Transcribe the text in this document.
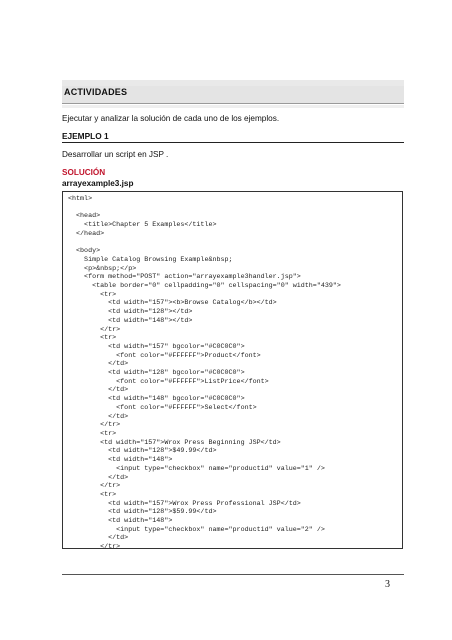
ACTIVIDADES
Ejecutar y analizar la solución de cada uno de los ejemplos.
EJEMPLO 1
Desarrollar un script en JSP .
SOLUCIÓN
arrayexample3.jsp
<html>

<head>
<title>Chapter 5 Examples</title>
</head>

<body>
Simple Catalog Browsing Example&nbsp;
<p>&nbsp;</p>
<form method="POST" action="arrayexample3handler.jsp">
<table border="0" cellpadding="0" cellspacing="0" width="439">
<tr>
<td width="157"><b>Browse Catalog</b></td>
<td width="128"></td>
<td width="148"></td>
</tr>
<tr>
<td width="157" bgcolor="#C0C0C0">
<font color="#FFFFFF">Product</font>
</td>
<td width="128" bgcolor="#C0C0C0">
<font color="#FFFFFF">ListPrice</font>
</td>
<td width="148" bgcolor="#C0C0C0">
<font color="#FFFFFF">Select</font>
</td>
</tr>
<tr>
<td width="157">Wrox Press Beginning JSP</td>
<td width="128">$49.99</td>
<td width="148">
<input type="checkbox" name="productid" value="1" />
</td>
</tr>
<tr>
<td width="157">Wrox Press Professional JSP</td>
<td width="128">$59.99</td>
<td width="148">
<input type="checkbox" name="productid" value="2" />
</td>
</tr>

3
